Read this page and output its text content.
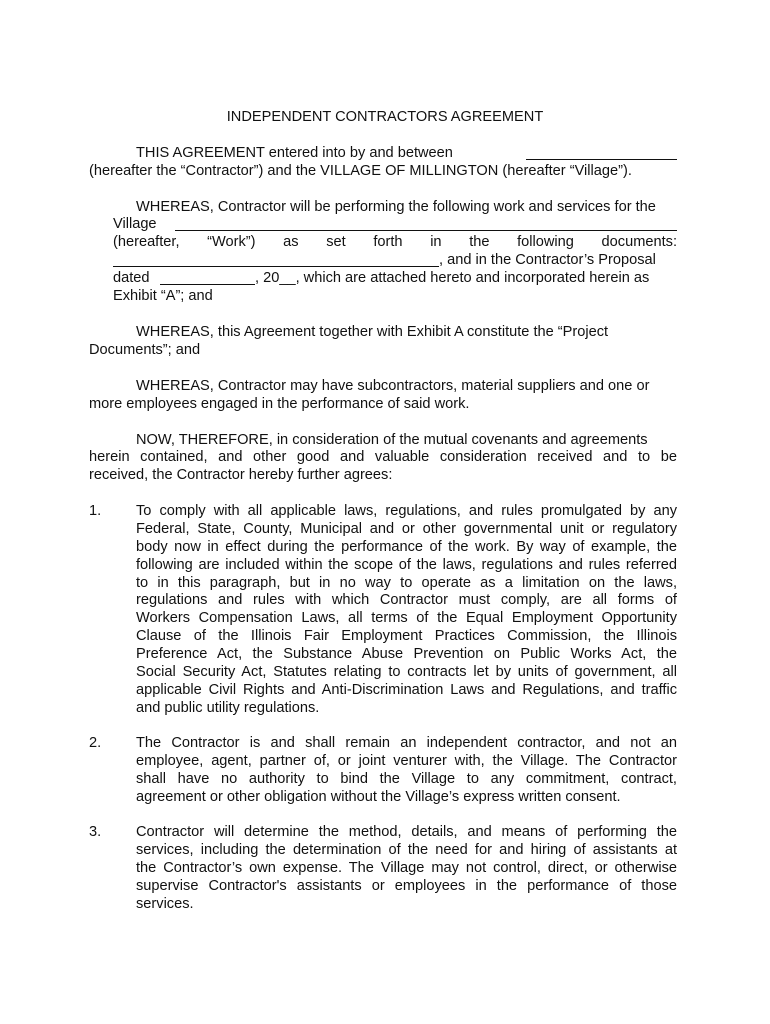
INDEPENDENT CONTRACTORS AGREEMENT
THIS AGREEMENT entered into by and between
(hereafter the “Contractor”) and the VILLAGE OF MILLINGTON (hereafter “Village”).
WHEREAS, Contractor will be performing the following work and services for the
Village
(hereafter, “Work”) as set forth in the following documents:
, and in the Contractor’s Proposal
dated	, 20__, which are attached hereto and incorporated herein as
Exhibit “A”; and
WHEREAS, this Agreement together with Exhibit A constitute the “Project
Documents”; and
WHEREAS, Contractor may have subcontractors, material suppliers and one or
more employees engaged in the performance of said work.
NOW, THEREFORE, in consideration of the mutual covenants and agreements
herein contained, and other good and valuable consideration received and to be
received, the Contractor hereby further agrees:
1. To comply with all applicable laws, regulations, and rules promulgated by any
Federal, State, County, Municipal and or other governmental unit or regulatory
body now in effect during the performance of the work. By way of example, the
following are included within the scope of the laws, regulations and rules referred
to in this paragraph, but in no way to operate as a limitation on the laws,
regulations and rules with which Contractor must comply, are all forms of
Workers Compensation Laws, all terms of the Equal Employment Opportunity
Clause of the Illinois Fair Employment Practices Commission, the Illinois
Preference Act, the Substance Abuse Prevention on Public Works Act, the
Social Security Act, Statutes relating to contracts let by units of government, all
applicable Civil Rights and Anti-Discrimination Laws and Regulations, and traffic
and public utility regulations.
2. The Contractor is and shall remain an independent contractor, and not an
employee, agent, partner of, or joint venturer with, the Village. The Contractor
shall have no authority to bind the Village to any commitment, contract,
agreement or other obligation without the Village’s express written consent.
3. Contractor will determine the method, details, and means of performing the
services, including the determination of the need for and hiring of assistants at
the Contractor’s own expense. The Village may not control, direct, or otherwise
supervise Contractor's assistants or employees in the performance of those
services.
